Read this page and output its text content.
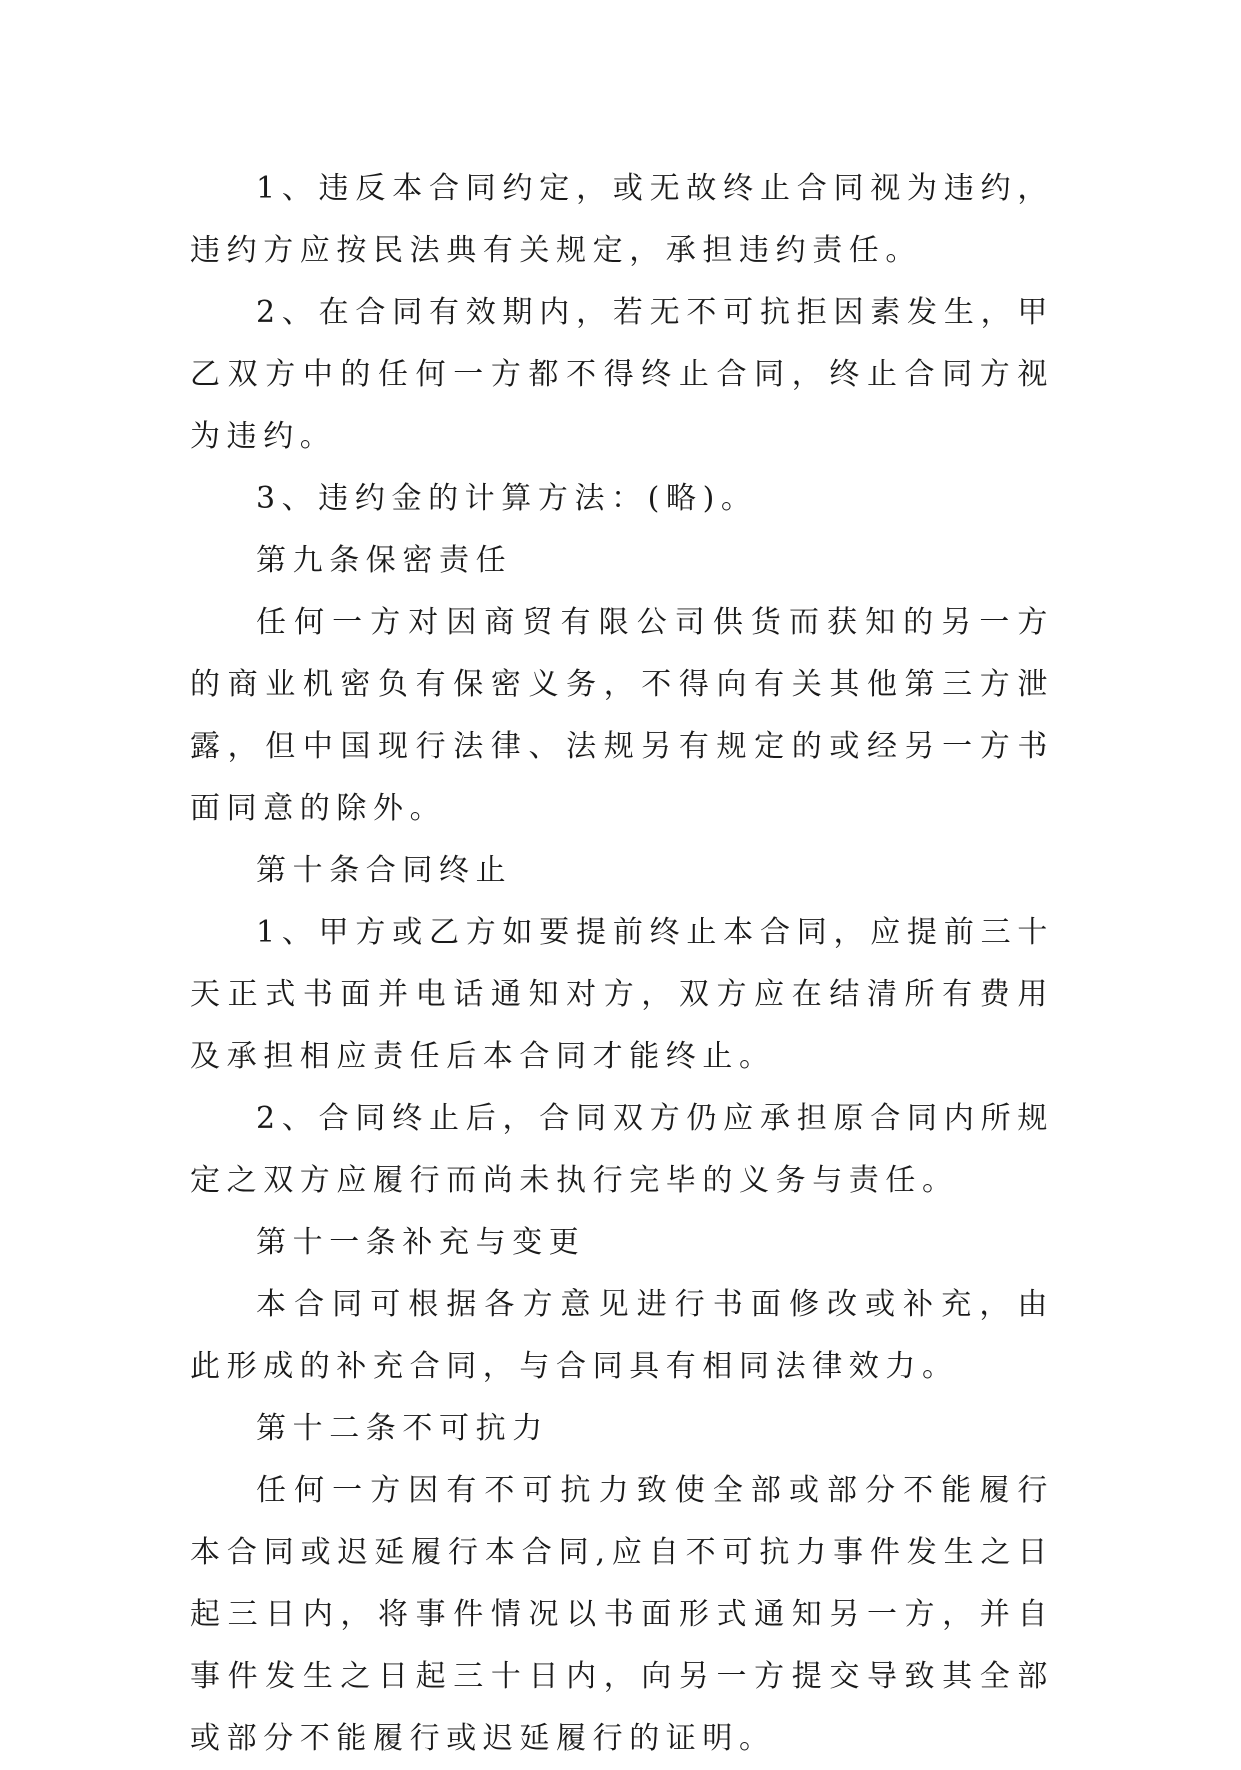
1、违反本合同约定，或无故终止合同视为违约，违约方应按民法典有关规定，承担违约责任。

2、在合同有效期内，若无不可抗拒因素发生，甲乙双方中的任何一方都不得终止合同，终止合同方视为违约。

3、违约金的计算方法：(略)。

第九条保密责任

任何一方对因商贸有限公司供货而获知的另一方的商业机密负有保密义务，不得向有关其他第三方泄露，但中国现行法律、法规另有规定的或经另一方书面同意的除外。

第十条合同终止

1、甲方或乙方如要提前终止本合同，应提前三十天正式书面并电话通知对方，双方应在结清所有费用及承担相应责任后本合同才能终止。

2、合同终止后，合同双方仍应承担原合同内所规定之双方应履行而尚未执行完毕的义务与责任。

第十一条补充与变更

本合同可根据各方意见进行书面修改或补充，由此形成的补充合同，与合同具有相同法律效力。

第十二条不可抗力

任何一方因有不可抗力致使全部或部分不能履行本合同或迟延履行本合同,应自不可抗力事件发生之日起三日内，将事件情况以书面形式通知另一方，并自事件发生之日起三十日内，向另一方提交导致其全部或部分不能履行或迟延履行的证明。
